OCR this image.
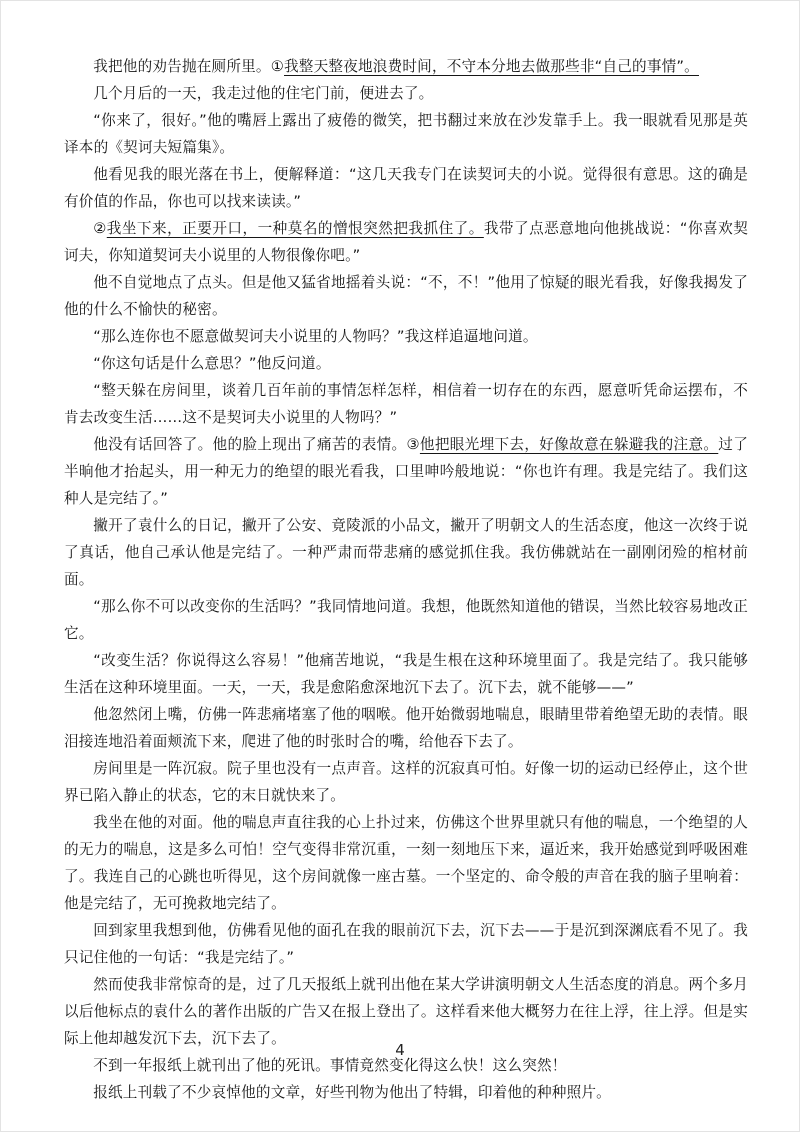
我把他的劝告抛在厕所里。①我整天整夜地浪费时间，不守本分地去做那些非“自己的事情”。

几个月后的一天，我走过他的住宅门前，便进去了。

“你来了，很好。”他的嘴唇上露出了疲倦的微笑，把书翻过来放在沙发靠手上。我一眼就看见那是英译本的《契诃夫短篇集》。

他看见我的眼光落在书上，便解释道：“这几天我专门在读契诃夫的小说。觉得很有意思。这的确是有价值的作品，你也可以找来读读。”

②我坐下来，正要开口，一种莫名的憎恨突然把我抓住了。我带了点恶意地向他挑战说：“你喜欢契诃夫，你知道契诃夫小说里的人物很像你吧。”

他不自觉地点了点头。但是他又猛省地摇着头说：“不，不！”他用了惊疑的眼光看我，好像我揭发了他的什么不愉快的秘密。

“那么连你也不愿意做契诃夫小说里的人物吗？”我这样追逼地问道。

“你这句话是什么意思？”他反问道。

“整天躲在房间里，谈着几百年前的事情怎样怎样，相信着一切存在的东西，愿意听凭命运摆布，不肯去改变生活……这不是契诃夫小说里的人物吗？”

他没有话回答了。他的脸上现出了痛苦的表情。③他把眼光埋下去，好像故意在躲避我的注意。过了半晌他才抬起头，用一种无力的绝望的眼光看我，口里呻吟般地说：“你也许有理。我是完结了。我们这种人是完结了。”

撇开了袁什么的日记，撇开了公安、竟陵派的小品文，撇开了明朝文人的生活态度，他这一次终于说了真话，他自己承认他是完结了。一种严肃而带悲痛的感觉抓住我。我仿佛就站在一副刚闭殓的棺材前面。

“那么你不可以改变你的生活吗？”我同情地问道。我想，他既然知道他的错误，当然比较容易地改正它。

“改变生活？你说得这么容易！”他痛苦地说，“我是生根在这种环境里面了。我是完结了。我只能够生活在这种环境里面。一天，一天，我是愈陷愈深地沉下去了。沉下去，就不能够——”

他忽然闭上嘴，仿佛一阵悲痛堵塞了他的咽喉。他开始微弱地喘息，眼睛里带着绝望无助的表情。眼泪接连地沿着面颊流下来，爬进了他的时张时合的嘴，给他吞下去了。

房间里是一阵沉寂。院子里也没有一点声音。这样的沉寂真可怕。好像一切的运动已经停止，这个世界已陷入静止的状态，它的末日就快来了。

我坐在他的对面。他的喘息声直往我的心上扑过来，仿佛这个世界里就只有他的喘息，一个绝望的人的无力的喘息，这是多么可怕！空气变得非常沉重，一刻一刻地压下来，逼近来，我开始感觉到呼吸困难了。我连自己的心跳也听得见，这个房间就像一座古墓。一个坚定的、命令般的声音在我的脑子里响着：他是完结了，无可挽救地完结了。

回到家里我想到他，仿佛看见他的面孔在我的眼前沉下去，沉下去——于是沉到深渊底看不见了。我只记住他的一句话：“我是完结了。”

然而使我非常惊奇的是，过了几天报纸上就刊出他在某大学讲演明朝文人生活态度的消息。两个多月以后他标点的袁什么的著作出版的广告又在报上登出了。这样看来他大概努力在往上浮，往上浮。但是实际上他却越发沉下去，沉下去了。

不到一年报纸上就刊出了他的死讯。事情竟然变化得这么快！这么突然！

报纸上刊载了不少哀悼他的文章，好些刊物为他出了特辑，印着他的种种照片。

4
